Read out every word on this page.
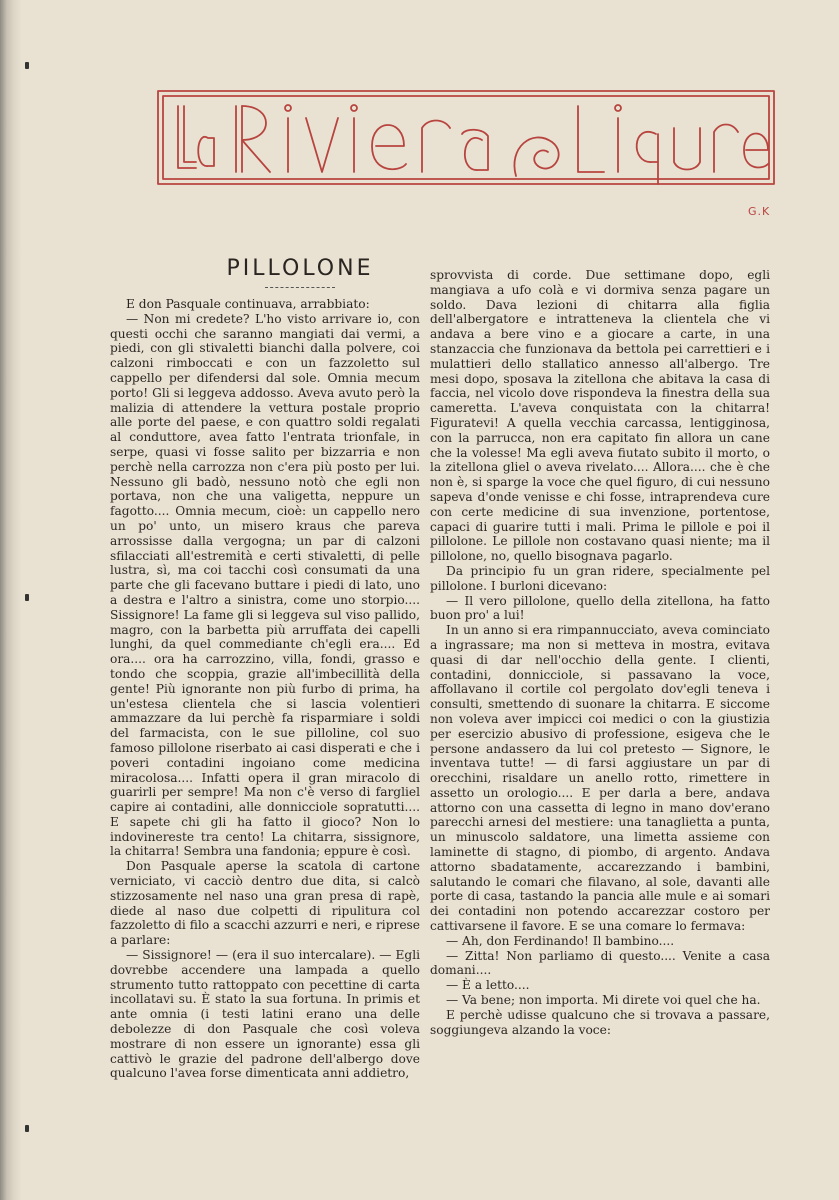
G.K
PILLOLONE

E don Pasquale continuava, arrabbiato:

— Non mi credete? L'ho visto arrivare io, con questi occhi che saranno mangiati dai vermi, a piedi, con gli stivaletti bianchi dalla polvere, coi calzoni rimboccati e con un fazzoletto sul cappello per difendersi dal sole. Omnia mecum porto! Gli si leggeva addosso. Aveva avuto però la malizia di attendere la vettura postale proprio alle porte del paese, e con quattro soldi regalati al conduttore, avea fatto l'entrata trionfale, in serpe, quasi vi fosse salito per bizzarria e non perchè nella carrozza non c'era più posto per lui. Nessuno gli badò, nessuno notò che egli non portava, non che una valigetta, neppure un fagotto.... Omnia mecum, cioè: un cappello nero un po' unto, un misero kraus che pareva arrossisse dalla vergogna; un par di calzoni sfilacciati all'estremità e certi stivaletti, di pelle lustra, sì, ma coi tacchi così consumati da una parte che gli facevano buttare i piedi di lato, uno a destra e l'altro a sinistra, come uno storpio.... Sissignore! La fame gli si leggeva sul viso pallido, magro, con la barbetta più arruffata dei capelli lunghi, da quel commediante ch'egli era.... Ed ora.... ora ha carrozzino, villa, fondi, grasso e tondo che scoppia, grazie all'imbecillità della gente! Più ignorante non più furbo di prima, ha un'estesa clientela che si lascia volentieri ammazzare da lui perchè fa risparmiare i soldi del farmacista, con le sue pilloline, col suo famoso pillolone riserbato ai casi disperati e che i poveri contadini ingoiano come medicina miracolosa.... Infatti opera il gran miracolo di guarirli per sempre! Ma non c'è verso di fargliel capire ai contadini, alle donnicciole sopratutti.... E sapete chi gli ha fatto il gioco? Non lo indovinereste tra cento! La chitarra, sissignore, la chitarra! Sembra una fandonia; eppure è così.

Don Pasquale aperse la scatola di cartone verniciato, vi cacciò dentro due dita, si calcò stizzosamente nel naso una gran presa di rapè, diede al naso due colpetti di ripulitura col fazzoletto di filo a scacchi azzurri e neri, e riprese a parlare:

— Sissignore! — (era il suo intercalare). — Egli dovrebbe accendere una lampada a quello strumento tutto rattoppato con pecettine di carta incollatavi su. È stato la sua fortuna. In primis et ante omnia (i testi latini erano una delle debolezze di don Pasquale che così voleva mostrare di non essere un ignorante) essa gli cattivò le grazie del padrone dell'albergo dove qualcuno l'avea forse dimenticata anni addietro,

sprovvista di corde. Due settimane dopo, egli mangiava a ufo colà e vi dormiva senza pagare un soldo. Dava lezioni di chitarra alla figlia dell'albergatore e intratteneva la clientela che vi andava a bere vino e a giocare a carte, in una stanzaccia che funzionava da bettola pei carrettieri e i mulattieri dello stallatico annesso all'albergo. Tre mesi dopo, sposava la zitellona che abitava la casa di faccia, nel vicolo dove rispondeva la finestra della sua cameretta. L'aveva conquistata con la chitarra! Figuratevi! A quella vecchia carcassa, lentigginosa, con la parrucca, non era capitato fin allora un cane che la volesse! Ma egli aveva fiutato subito il morto, o la zitellona gliel o aveva rivelato.... Allora.... che è che non è, si sparge la voce che quel figuro, di cui nessuno sapeva d'onde venisse e chi fosse, intraprendeva cure con certe medicine di sua invenzione, portentose, capaci di guarire tutti i mali. Prima le pillole e poi il pillolone. Le pillole non costavano quasi niente; ma il pillolone, no, quello bisognava pagarlo.

Da principio fu un gran ridere, specialmente pel pillolone. I burloni dicevano:

— Il vero pillolone, quello della zitellona, ha fatto buon pro' a lui!

In un anno si era rimpannucciato, aveva cominciato a ingrassare; ma non si metteva in mostra, evitava quasi di dar nell'occhio della gente. I clienti, contadini, donnicciole, si passavano la voce, affollavano il cortile col pergolato dov'egli teneva i consulti, smettendo di suonare la chitarra. E siccome non voleva aver impicci coi medici o con la giustizia per esercizio abusivo di professione, esigeva che le persone andassero da lui col pretesto — Signore, le inventava tutte! — di farsi aggiustare un par di orecchini, risaldare un anello rotto, rimettere in assetto un orologio.... E per darla a bere, andava attorno con una cassetta di legno in mano dov'erano parecchi arnesi del mestiere: una tanaglietta a punta, un minuscolo saldatore, una limetta assieme con laminette di stagno, di piombo, di argento. Andava attorno sbadatamente, accarezzando i bambini, salutando le comari che filavano, al sole, davanti alle porte di casa, tastando la pancia alle mule e ai somari dei contadini non potendo accarezzar costoro per cattivarsene il favore. E se una comare lo fermava:

— Ah, don Ferdinando! Il bambino....

— Zitta! Non parliamo di questo.... Venite a casa domani....

— È a letto....

— Va bene; non importa. Mi direte voi quel che ha.

E perchè udisse qualcuno che si trovava a passare, soggiungeva alzando la voce:
